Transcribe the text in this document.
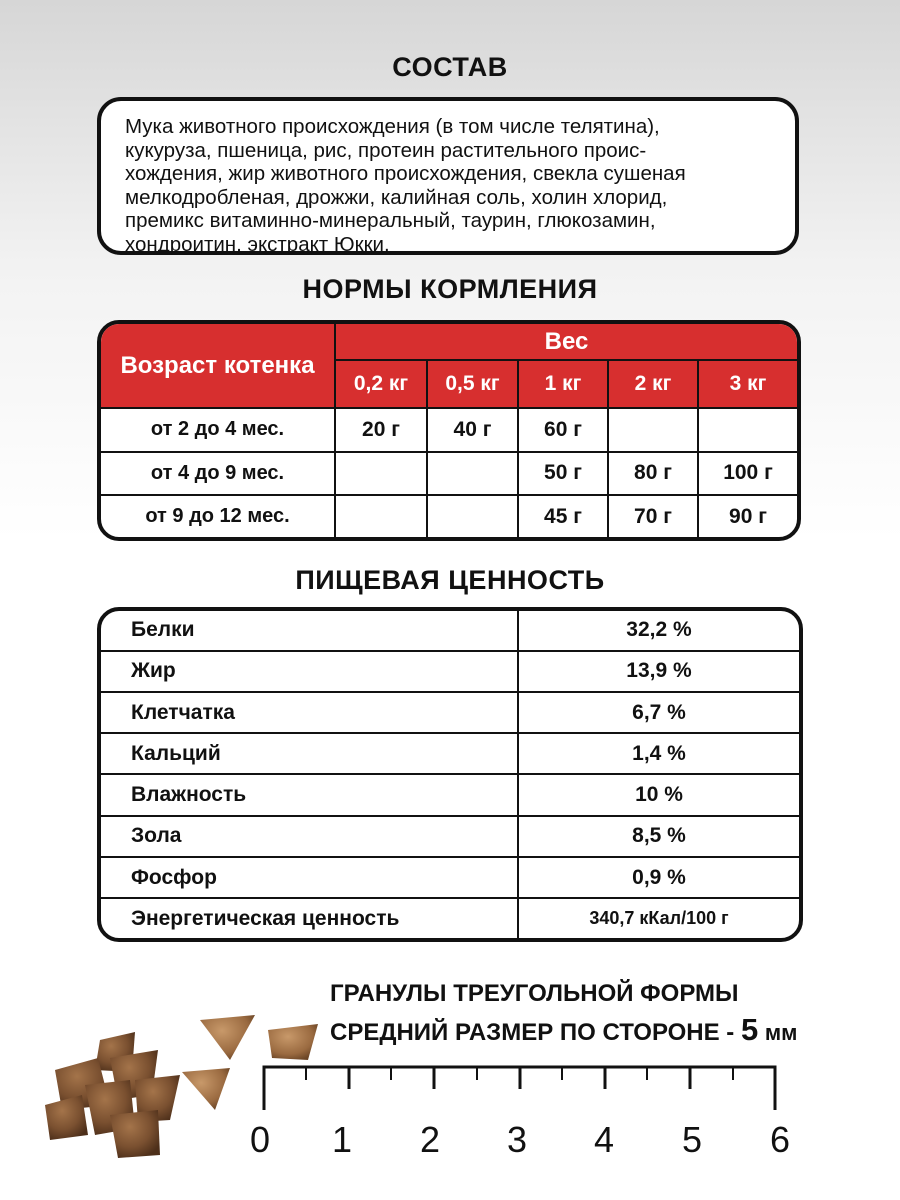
СОСТАВ

Мука животного происхождения (в том числе телятина),
кукуруза, пшеница, рис, протеин растительного проис-
хождения, жир животного происхождения, свекла сушеная
мелкодробленая, дрожжи, калийная соль, холин хлорид,
премикс витаминно-минеральный, таурин, глюкозамин,
хондроитин, экстракт Юкки.

НОРМЫ КОРМЛЕНИЯ
Возраст котенка	Вес				
	0,2 кг	0,5 кг	1 кг	2 кг	3 кг
от 2 до 4 мес.	20 г	40 г	60 г		
от 4 до 9 мес.			50 г	80 г	100 г
от 9 до 12 мес.			45 г	70 г	90 г
ПИЩЕВАЯ ЦЕННОСТЬ
Белки	32,2 %
Жир	13,9 %
Клетчатка	6,7 %
Кальций	1,4 %
Влажность	10 %
Зола	8,5 %
Фосфор	0,9 %
Энергетическая ценность	340,7 кКал/100 г
ГРАНУЛЫ ТРЕУГОЛЬНОЙ ФОРМЫ
СРЕДНИЙ РАЗМЕР ПО СТОРОНЕ - 5 мм
0 1 2 3 4 5 6
